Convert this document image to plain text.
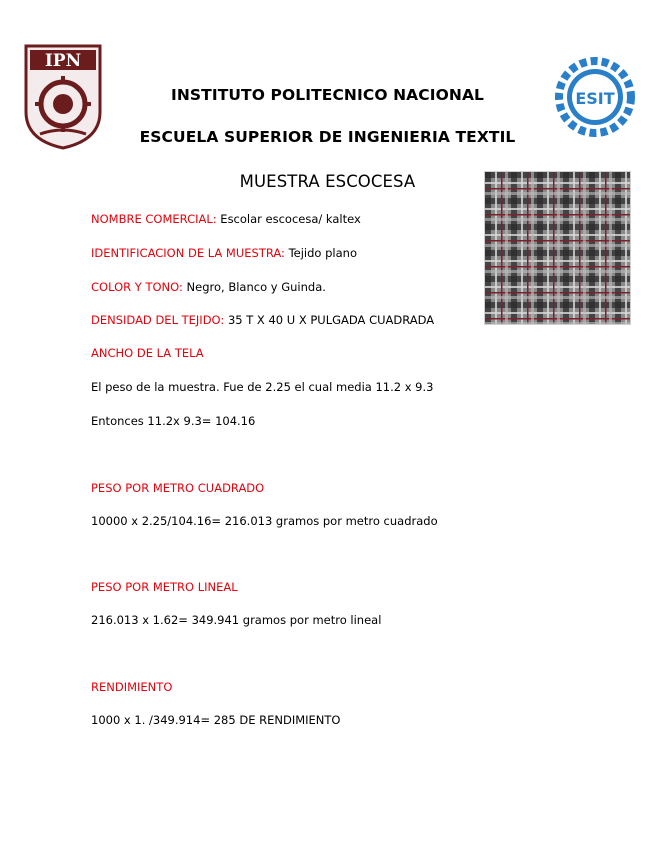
IPN
ESIT
INSTITUTO POLITECNICO NACIONAL
ESCUELA SUPERIOR DE INGENIERIA TEXTIL
MUESTRA ESCOCESA
NOMBRE COMERCIAL: Escolar escocesa/ kaltex
IDENTIFICACION DE LA MUESTRA: Tejido plano
COLOR Y TONO: Negro, Blanco y Guinda.
DENSIDAD DEL TEJIDO: 35 T X 40 U X PULGADA CUADRADA
ANCHO DE LA TELA
El peso de la muestra. Fue de 2.25 el cual media 11.2 x 9.3
Entonces 11.2x 9.3= 104.16
PESO POR METRO CUADRADO
10000 x 2.25/104.16= 216.013 gramos por metro cuadrado
PESO POR METRO LINEAL
216.013 x 1.62= 349.941 gramos por metro lineal
RENDIMIENTO
1000 x 1. /349.914= 285 DE RENDIMIENTO
